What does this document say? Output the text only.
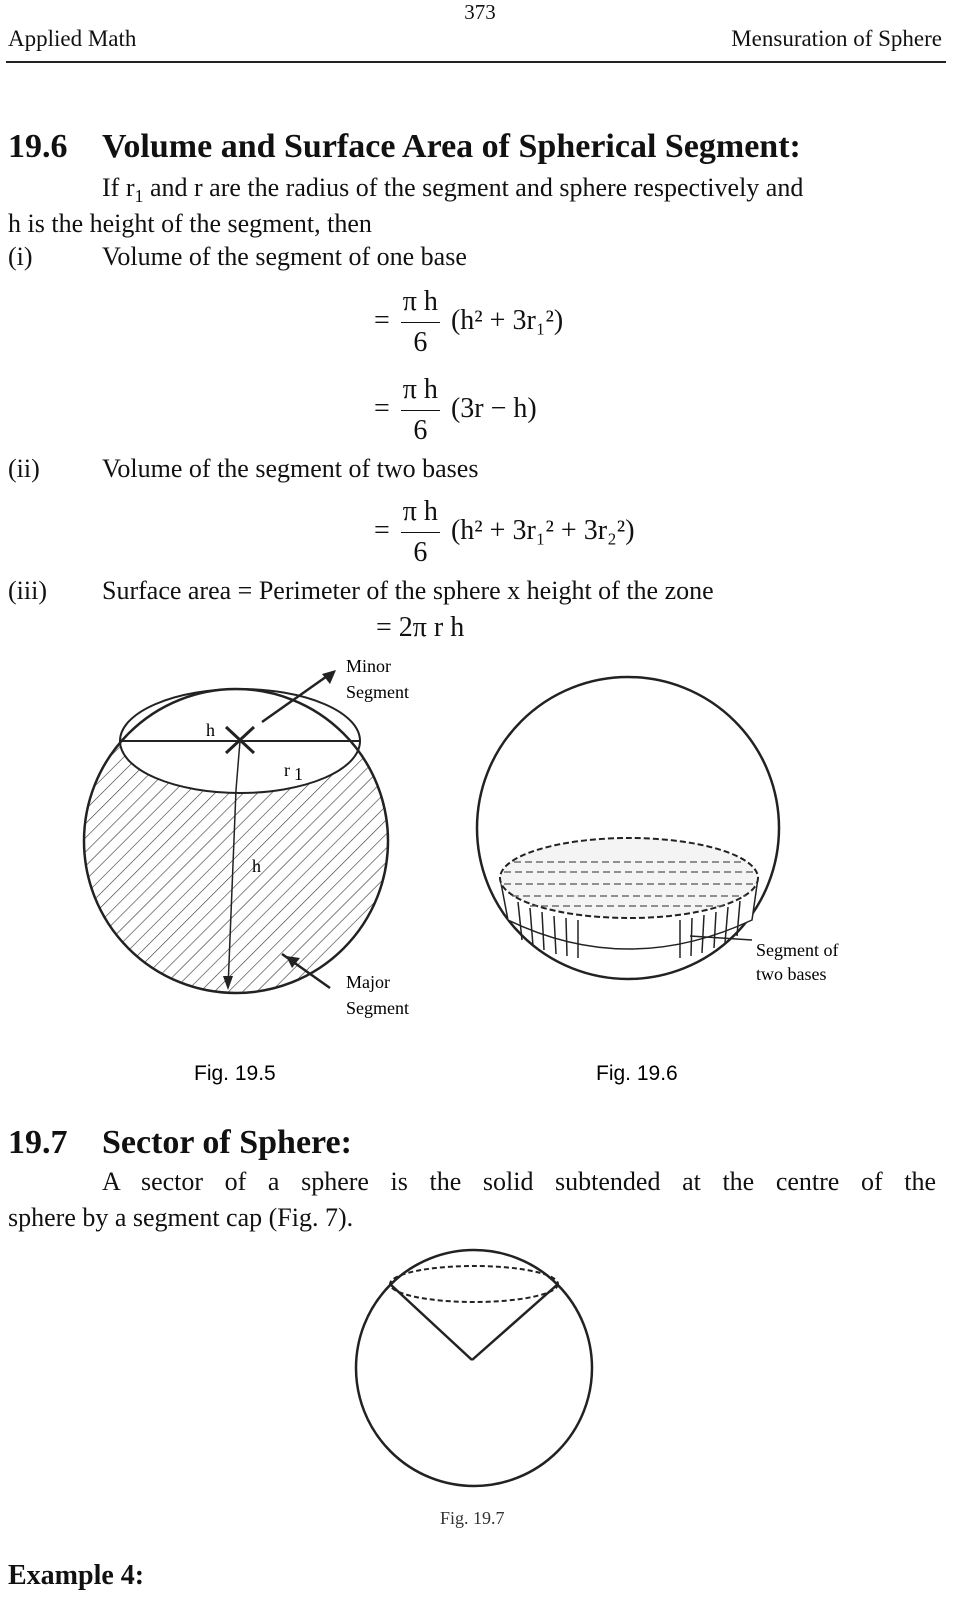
373
Applied Math	Mensuration of Sphere
19.6 Volume and Surface Area of Spherical Segment:
If $r_1$ and r are the radius of the segment and sphere respectively and
h is the height of the segment, then
(i)	Volume of the segment of one base
= $\frac{\text{π h}}{6} (h^2 + 3r_1^2)$
= $\frac{\text{π h}}{6} (3r - h)$
(ii) Volume of the segment of two bases
= $\frac{\text{π h}}{6} (h^2 + 3r_1^2 + 3r_2^2)$
(iii) Surface area = Perimeter of the sphere x height of the zone
= 2π r h
h
r 1
h
Minor
Segment
Major
Segment
Segment of
two bases
Fig. 19.5	Fig. 19.6
19.7 Sector of Sphere:
A sector of a sphere is the solid subtended at the centre of the
sphere by a segment cap (Fig. 7).
Fig. 19.7
Example 4:
